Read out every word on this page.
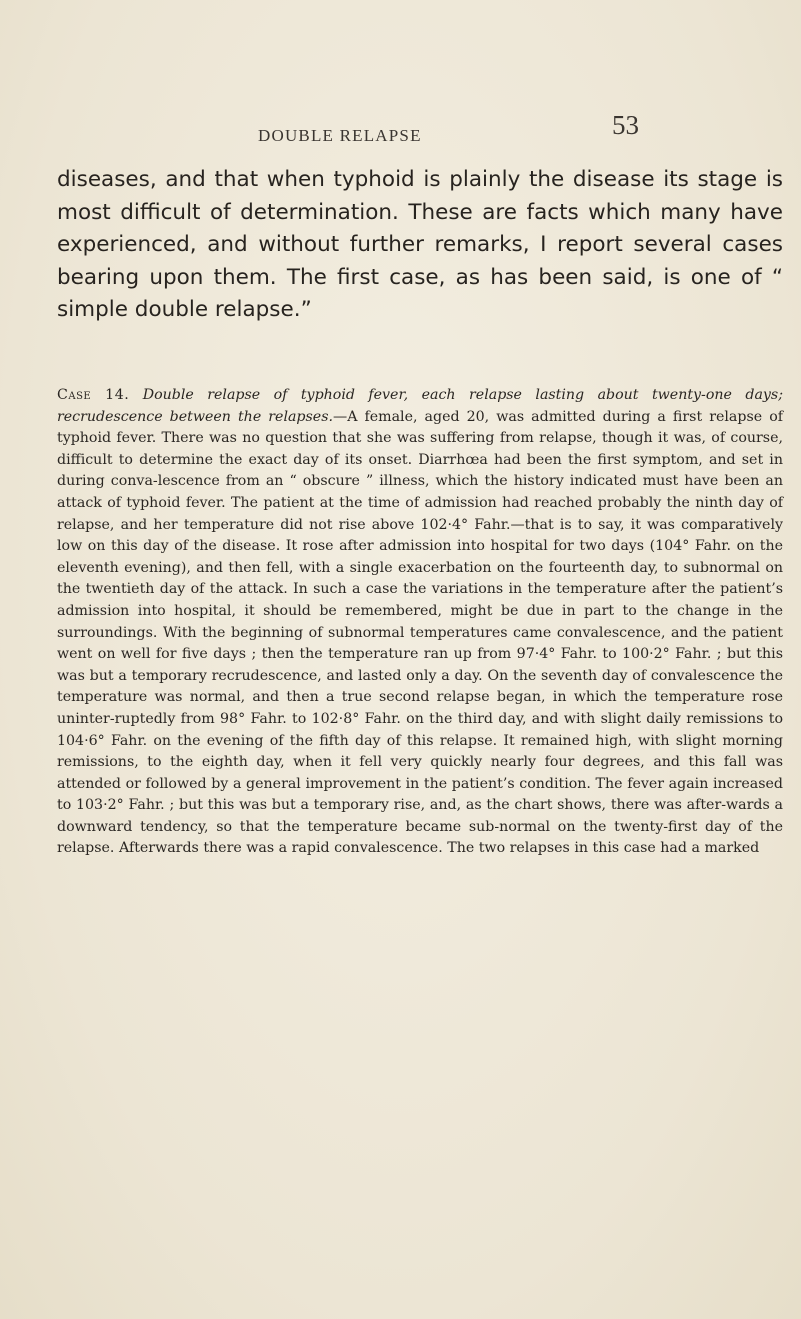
DOUBLE RELAPSE	53

diseases, and that when typhoid is plainly the disease its stage is most difficult of determination. These are facts which many have experienced, and without further remarks, I report several cases bearing upon them. The first case, as has been said, is one of “ simple double relapse.”

Case 14. Double relapse of typhoid fever, each relapse lasting about twenty-one days; recrudescence between the relapses.—A female, aged 20, was admitted during a first relapse of typhoid fever. There was no question that she was suffering from relapse, though it was, of course, difficult to determine the exact day of its onset. Diarrhœa had been the first symptom, and set in during conva-lescence from an “ obscure ” illness, which the history indicated must have been an attack of typhoid fever. The patient at the time of admission had reached probably the ninth day of relapse, and her temperature did not rise above 102·4° Fahr.—that is to say, it was comparatively low on this day of the disease. It rose after admission into hospital for two days (104° Fahr. on the eleventh evening), and then fell, with a single exacerbation on the fourteenth day, to subnormal on the twentieth day of the attack. In such a case the variations in the temperature after the patient’s admission into hospital, it should be remembered, might be due in part to the change in the surroundings. With the beginning of subnormal temperatures came convalescence, and the patient went on well for five days ; then the temperature ran up from 97·4° Fahr. to 100·2° Fahr. ; but this was but a temporary recrudescence, and lasted only a day. On the seventh day of convalescence the temperature was normal, and then a true second relapse began, in which the temperature rose uninter-ruptedly from 98° Fahr. to 102·8° Fahr. on the third day, and with slight daily remissions to 104·6° Fahr. on the evening of the fifth day of this relapse. It remained high, with slight morning remissions, to the eighth day, when it fell very quickly nearly four degrees, and this fall was attended or followed by a general improvement in the patient’s condition. The fever again increased to 103·2° Fahr. ; but this was but a temporary rise, and, as the chart shows, there was after-wards a downward tendency, so that the temperature became sub-normal on the twenty-first day of the relapse. Afterwards there was a rapid convalescence. The two relapses in this case had a marked
